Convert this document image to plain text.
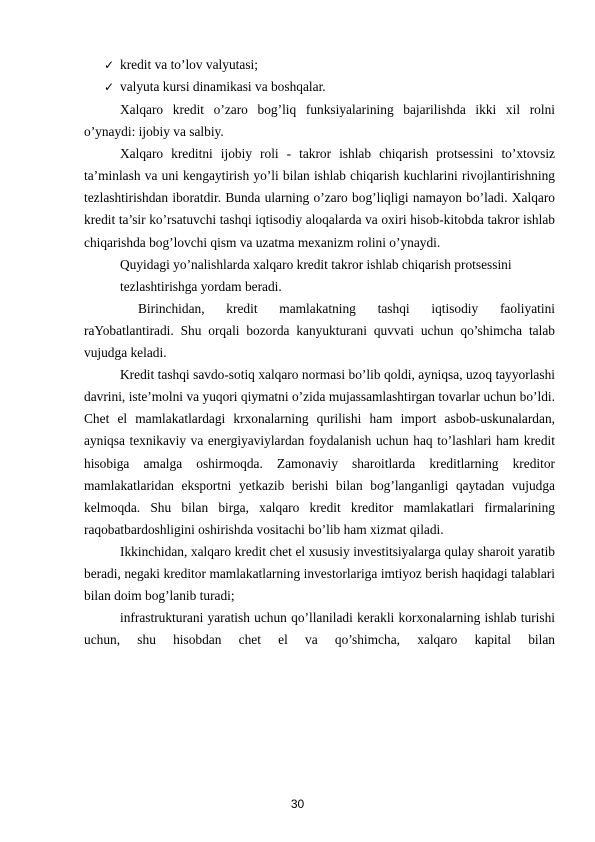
✓ kredit va to’lov valyutasi;
✓ valyuta kursi dinamikasi va boshqalar.

Xalqaro kredit o’zaro bog’liq funksiyalarining bajarilishda ikki xil rolni o’ynaydi: ijobiy va salbiy.

Xalqaro kreditni ijobiy roli - takror ishlab chiqarish protsessini to’xtovsiz ta’minlash va uni kengaytirish yo’li bilan ishlab chiqarish kuchlarini rivojlantirishning tezlashtirishdan iboratdir. Bunda ularning o’zaro bog’liqligi namayon bo’ladi. Xalqaro kredit ta’sir ko’rsatuvchi tashqi iqtisodiy aloqalarda va oxiri hisob-kitobda takror ishlab chiqarishda bog’lovchi qism va uzatma mexanizm rolini o’ynaydi.

Quyidagi yo’nalishlarda xalqaro kredit takror ishlab chiqarish protsessini

tezlashtirishga yordam beradi.

Birinchidan, kredit mamlakatning tashqi iqtisodiy faoliyatini raYobatlantiradi. Shu orqali bozorda kanyukturani quvvati uchun qo’shimcha talab vujudga keladi.

Kredit tashqi savdo-sotiq xalqaro normasi bo’lib qoldi, ayniqsa, uzoq tayyorlashi davrini, iste’molni va yuqori qiymatni o’zida mujassamlashtirgan tovarlar uchun bo’ldi. Chet el mamlakatlardagi krxonalarning qurilishi ham import asbob-uskunalardan, ayniqsa texnikaviy va energiyaviylardan foydalanish uchun haq to’lashlari ham kredit hisobiga amalga oshirmoqda. Zamonaviy sharoitlarda kreditlarning kreditor mamlakatlaridan eksportni yetkazib berishi bilan bog’langanligi qaytadan vujudga kelmoqda. Shu bilan birga, xalqaro kredit kreditor mamlakatlari firmalarining raqobatbardoshligini oshirishda vositachi bo’lib ham xizmat qiladi.

Ikkinchidan, xalqaro kredit chet el xususiy investitsiyalarga qulay sharoit yaratib beradi, negaki kreditor mamlakatlarning investorlariga imtiyoz berish haqidagi talablari bilan doim bog’lanib turadi;

infrastrukturani yaratish uchun qo’llaniladi kerakli korxonalarning ishlab turishi uchun, shu hisobdan chet el va qo’shimcha, xalqaro kapital bilan

30
